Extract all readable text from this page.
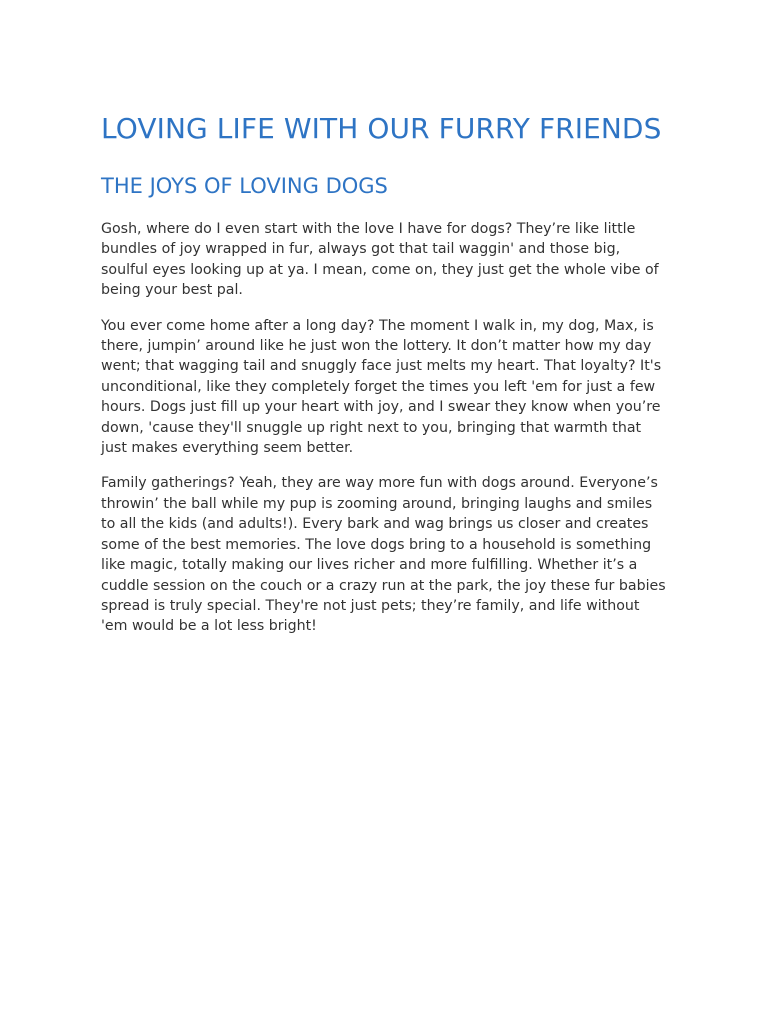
LOVING LIFE WITH OUR FURRY FRIENDS
THE JOYS OF LOVING DOGS

Gosh, where do I even start with the love I have for dogs? They’re like little bundles of joy wrapped in fur, always got that tail waggin' and those big, soulful eyes looking up at ya. I mean, come on, they just get the whole vibe of being your best pal.

You ever come home after a long day? The moment I walk in, my dog, Max, is there, jumpin’ around like he just won the lottery. It don’t matter how my day went; that wagging tail and snuggly face just melts my heart. That loyalty? It's unconditional, like they completely forget the times you left 'em for just a few hours. Dogs just fill up your heart with joy, and I swear they know when you’re down, 'cause they'll snuggle up right next to you, bringing that warmth that just makes everything seem better.

Family gatherings? Yeah, they are way more fun with dogs around. Everyone’s throwin’ the ball while my pup is zooming around, bringing laughs and smiles to all the kids (and adults!). Every bark and wag brings us closer and creates some of the best memories. The love dogs bring to a household is something like magic, totally making our lives richer and more fulfilling. Whether it’s a cuddle session on the couch or a crazy run at the park, the joy these fur babies spread is truly special. They're not just pets; they’re family, and life without 'em would be a lot less bright!
